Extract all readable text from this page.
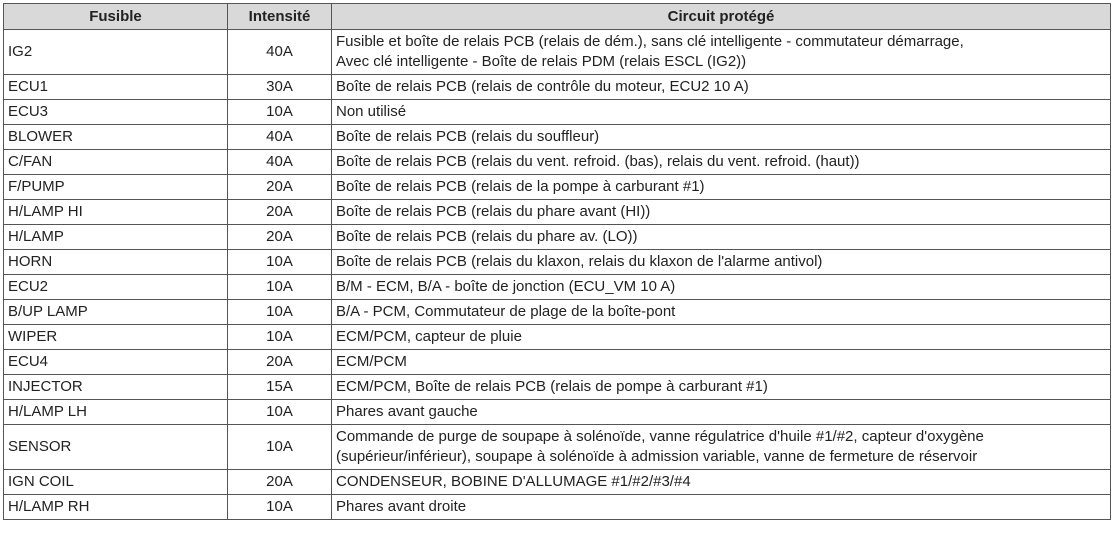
Fusible	Intensité	Circuit protégé
IG2	40A	Fusible et boîte de relais PCB (relais de dém.), sans clé intelligente - commutateur démarrage,
Avec clé intelligente - Boîte de relais PDM (relais ESCL (IG2))

ECU1	30A	Boîte de relais PCB (relais de contrôle du moteur, ECU2 10 A)

ECU3	10A	Non utilisé

BLOWER	40A	Boîte de relais PCB (relais du souffleur)

C/FAN	40A	Boîte de relais PCB (relais du vent. refroid. (bas), relais du vent. refroid. (haut))

F/PUMP	20A	Boîte de relais PCB (relais de la pompe à carburant #1)

H/LAMP HI	20A	Boîte de relais PCB (relais du phare avant (HI))

H/LAMP	20A	Boîte de relais PCB (relais du phare av. (LO))

HORN	10A	Boîte de relais PCB (relais du klaxon, relais du klaxon de l'alarme antivol)

ECU2	10A	B/M - ECM, B/A - boîte de jonction (ECU_VM 10 A)

B/UP LAMP	10A	B/A - PCM, Commutateur de plage de la boîte-pont

WIPER	10A	ECM/PCM, capteur de pluie

ECU4	20A	ECM/PCM

INJECTOR	15A	ECM/PCM, Boîte de relais PCB (relais de pompe à carburant #1)

H/LAMP LH	10A	Phares avant gauche

SENSOR	10A	Commande de purge de soupape à solénoïde, vanne régulatrice d'huile #1/#2, capteur d'oxygène
(supérieur/inférieur), soupape à solénoïde à admission variable, vanne de fermeture de réservoir

IGN COIL	20A	CONDENSEUR, BOBINE D'ALLUMAGE #1/#2/#3/#4

H/LAMP RH	10A	Phares avant droite
